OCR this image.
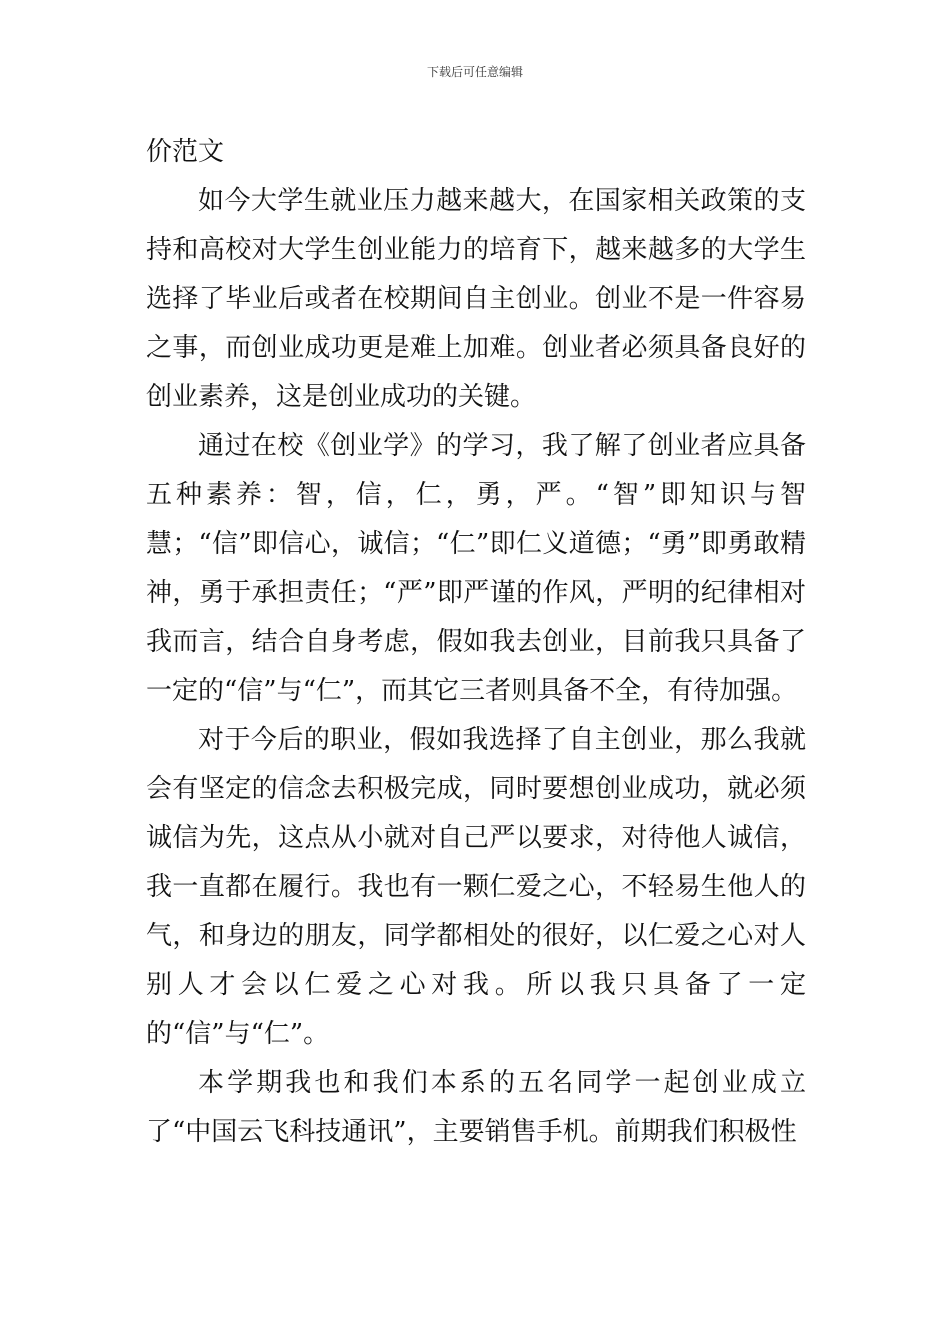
下载后可任意编辑

价范文

如今大学生就业压力越来越大，在国家相关政策的支持和高校对大学生创业能力的培育下，越来越多的大学生选择了毕业后或者在校期间自主创业。创业不是一件容易之事，而创业成功更是难上加难。创业者必须具备良好的创业素养，这是创业成功的关键。

通过在校《创业学》的学习，我了解了创业者应具备五种素养：智，信，仁，勇，严。“智”即知识与智慧；“信”即信心，诚信；“仁”即仁义道德；“勇”即勇敢精神，勇于承担责任；“严”即严谨的作风，严明的纪律相对我而言，结合自身考虑，假如我去创业，目前我只具备了一定的“信”与“仁”，而其它三者则具备不全，有待加强。

对于今后的职业，假如我选择了自主创业，那么我就会有坚定的信念去积极完成，同时要想创业成功，就必须诚信为先，这点从小就对自己严以要求，对待他人诚信，我一直都在履行。我也有一颗仁爱之心，不轻易生他人的气，和身边的朋友，同学都相处的很好，以仁爱之心对人别人才会以仁爱之心对我。所以我只具备了一定的“信”与“仁”。

本学期我也和我们本系的五名同学一起创业成立了“中国云飞科技通讯”，主要销售手机。前期我们积极性
